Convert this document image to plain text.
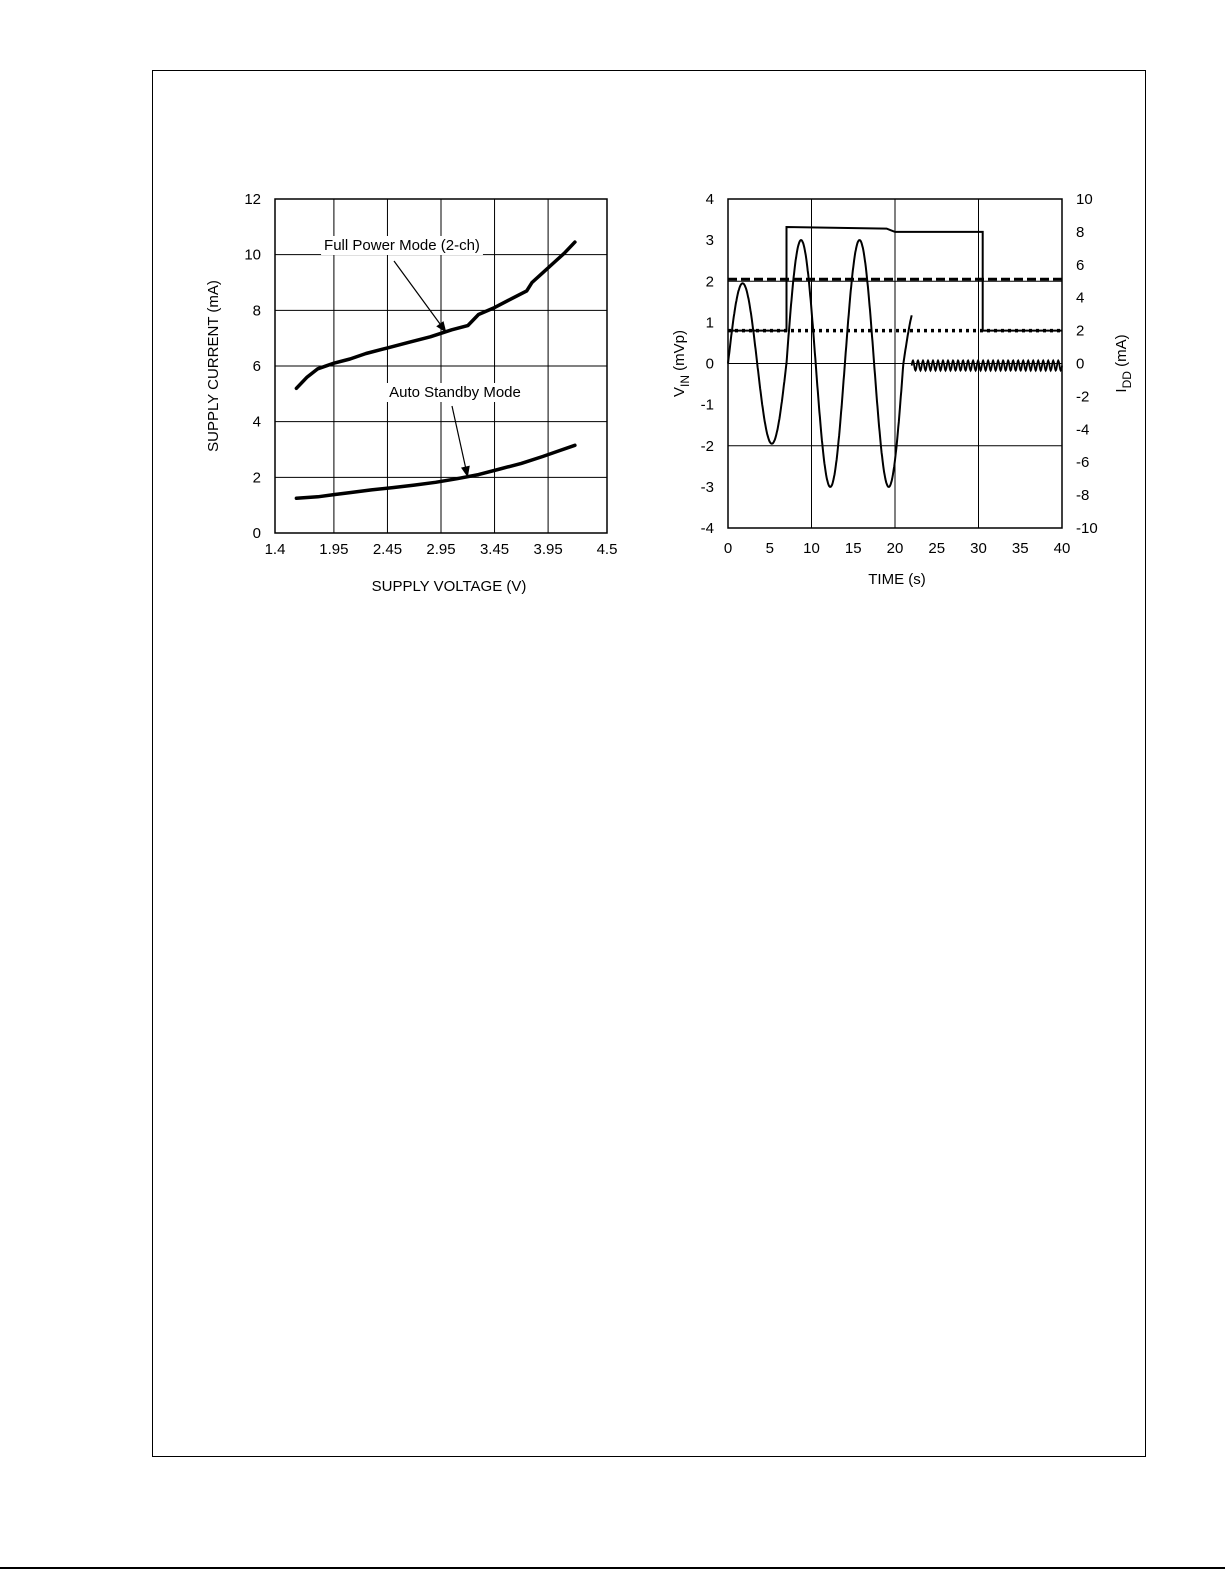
1.4 1.95 2.45 2.95 3.45 3.95 4.5
0
2
4
6
8
10
12
SUPPLY VOLTAGE (V)
SUPPLY CURRENT (mA)
Full Power Mode (2-ch)
Auto Standby Mode
0 5 10 15 20 25 30 35 40
4
3
2
1
0
-1
-2
-3
-4
10
8
6
4
2
0
-2
-4
-6
-8
-10
TIME (s)
$V_{IN}$ (mVp)
$I_{DD}$ (mA)
